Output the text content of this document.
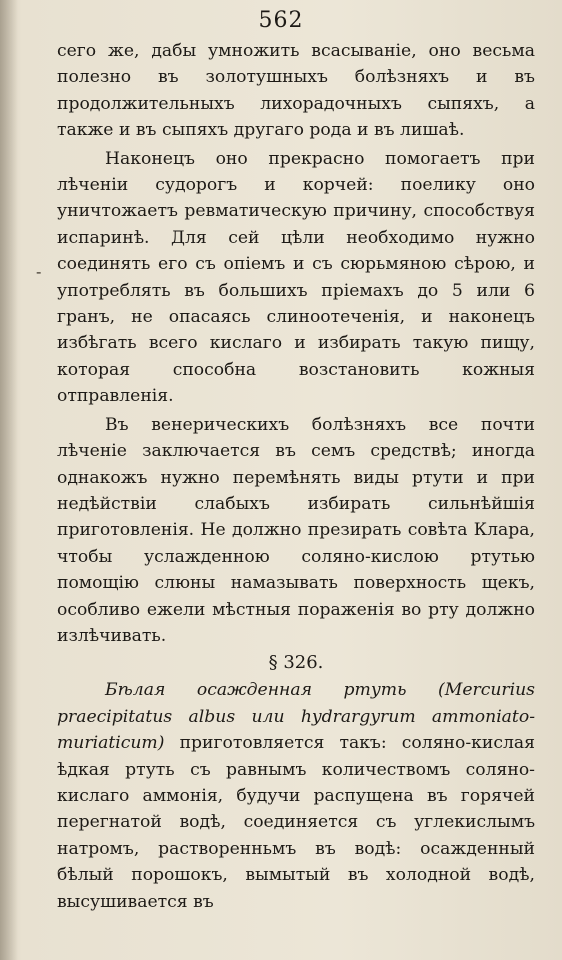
562
-

сего же, дабы умножить всасываніе, оно весьма полезно въ золотушныхъ болѣзняхъ и въ продолжительныхъ лихорадочныхъ сыпяхъ, а также и въ сыпяхъ другаго рода и въ лишаѣ.

Наконецъ оно прекрасно помогаетъ при лѣченіи судорогъ и корчей: поелику оно уничтожаетъ ревматическую причину, способствуя испаринѣ. Для сей цѣли необходимо нужно соединять его съ опіемъ и съ сюрьмяною сѣрою, и употреблять въ большихъ пріемахъ до 5 или 6 гранъ, не опасаясь слиноотеченія, и наконецъ избѣгать всего кислаго и избирать такую пищу, которая способна возстановить кожныя отправленія.

Въ венерическихъ болѣзняхъ все почти лѣченіе заключается въ семъ средствѣ; иногда однакожъ нужно перемѣнять виды ртути и при недѣйствіи слабыхъ избирать сильнѣйшія приготовленія. Не должно презирать совѣта Клара, чтобы услажденною соляно-кислою ртутью помощію слюны намазывать поверхность щекъ, особливо ежели мѣстныя пораженія во рту должно излѣчивать.

§ 326.

Бѣлая осажденная ртуть (Mercurius praecipitatus albus или hydrargyrum ammoniato-muriaticum) приготовляется такъ: соляно-кислая ѣдкая ртуть съ равнымъ количествомъ соляно-кислаго аммонія, будучи распущена въ горячей перегнатой водѣ, соединяется съ углекислымъ натромъ, растворенньмъ въ водѣ: осажденный бѣлый порошокъ, вымытый въ холодной водѣ, высушивается въ
